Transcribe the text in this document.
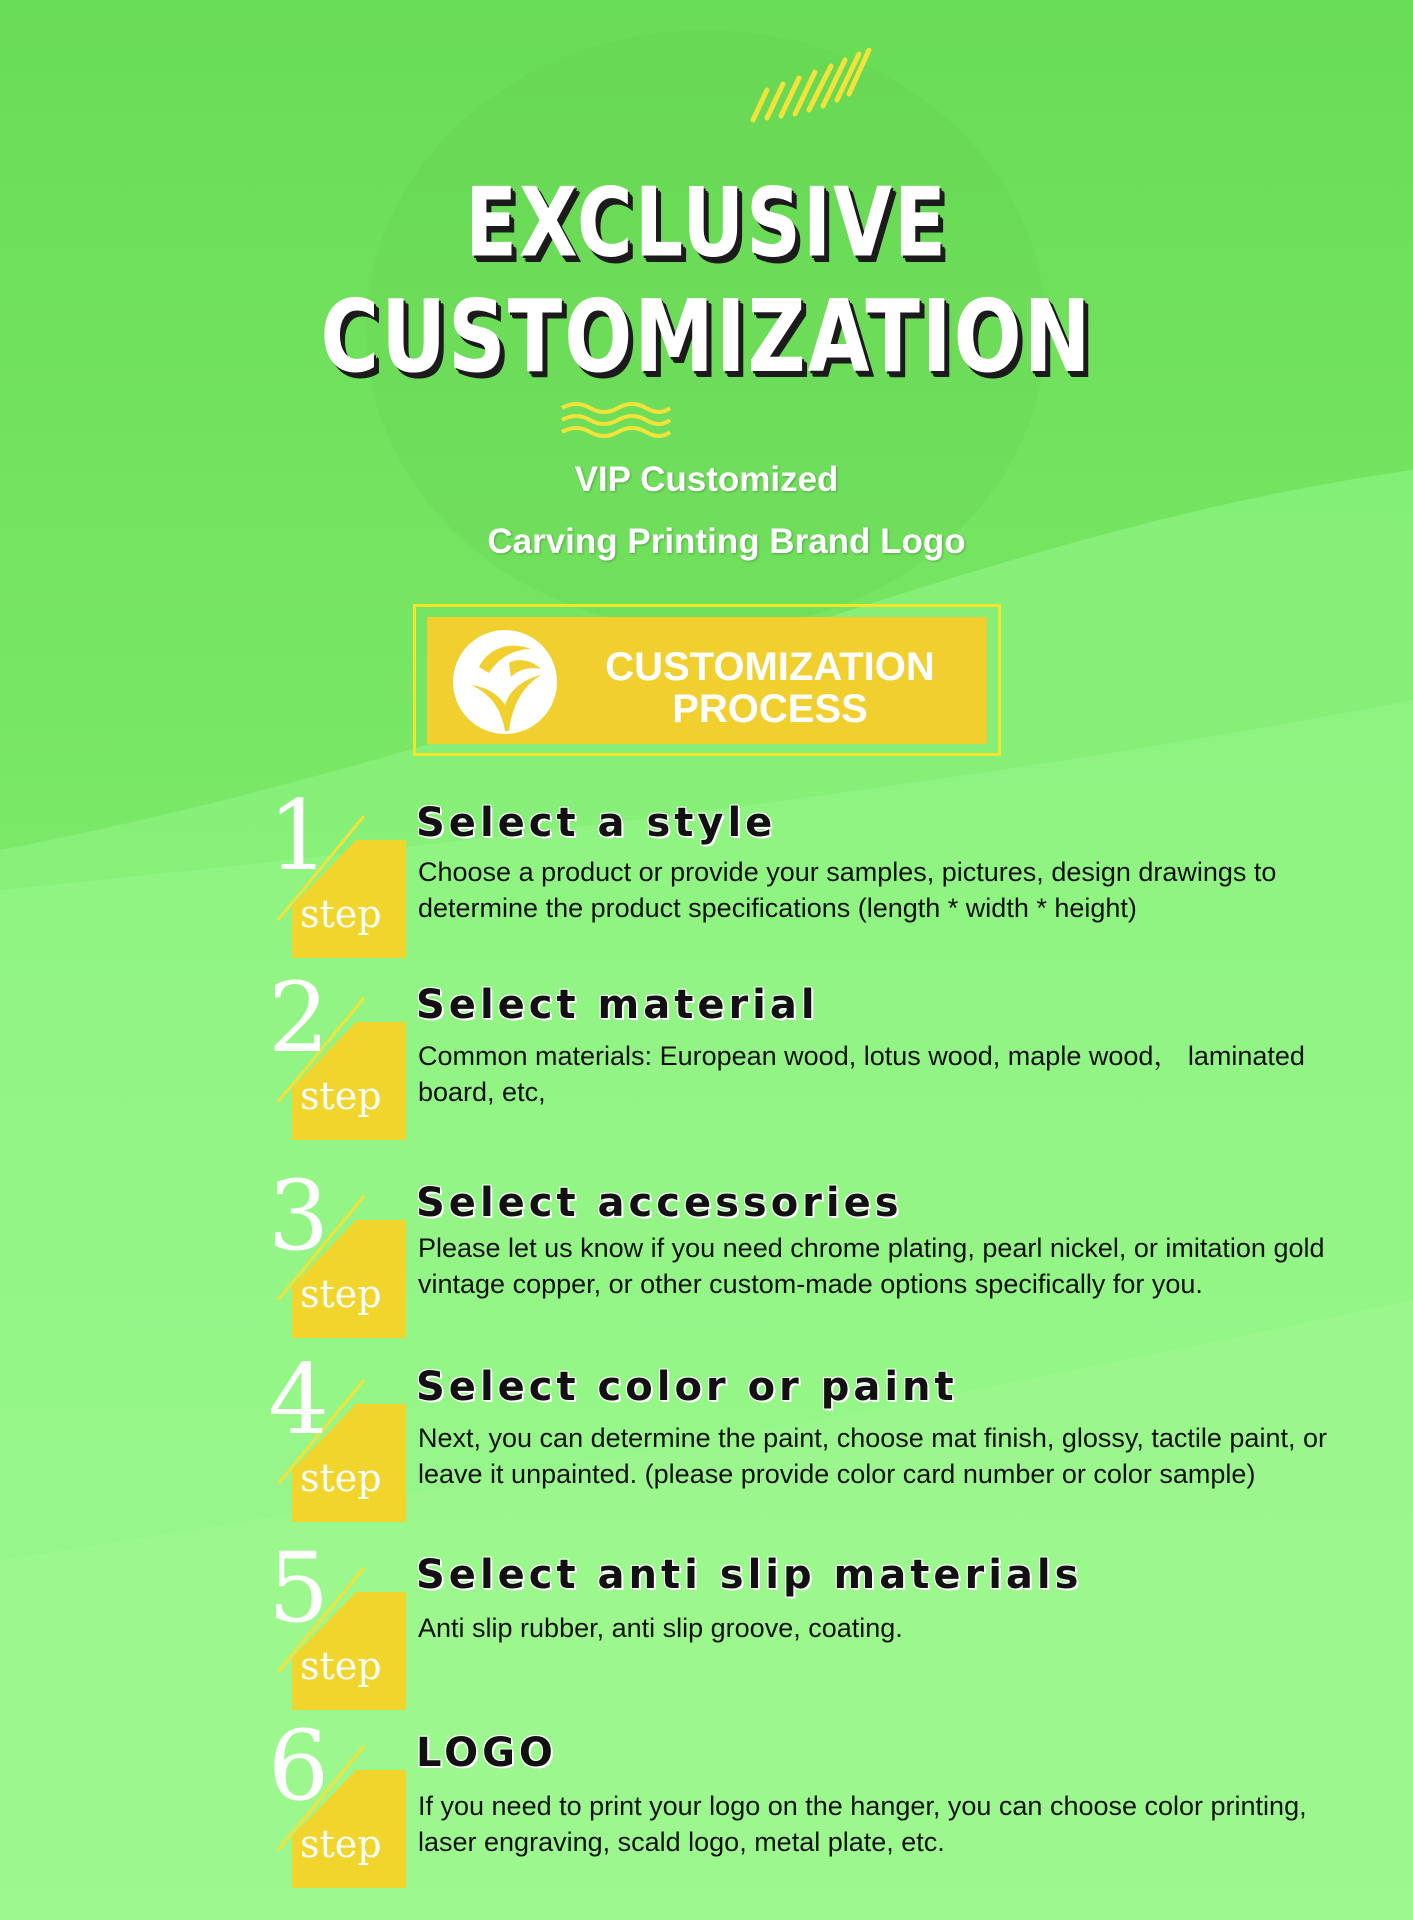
EXCLUSIVE
CUSTOMIZATION
VIP Customized
Carving Printing Brand Logo
CUSTOMIZATION
PROCESS
1
step
Select a style
Choose a product or provide your samples, pictures, design drawings to determine the product specifications (length * width * height)
2
step
Select material
Common materials: European wood, lotus wood, maple wood， laminated board, etc,
3
step
Select accessories
Please let us know if you need chrome plating, pearl nickel, or imitation gold vintage copper, or other custom-made options specifically for you.
4
step
Select color or paint
Next, you can determine the paint, choose mat finish, glossy, tactile paint, or leave it unpainted. (please provide color card number or color sample)
5
step
Select anti slip materials
Anti slip rubber, anti slip groove, coating.
6
step
LOGO
If you need to print your logo on the hanger, you can choose color printing, laser engraving, scald logo, metal plate, etc.
